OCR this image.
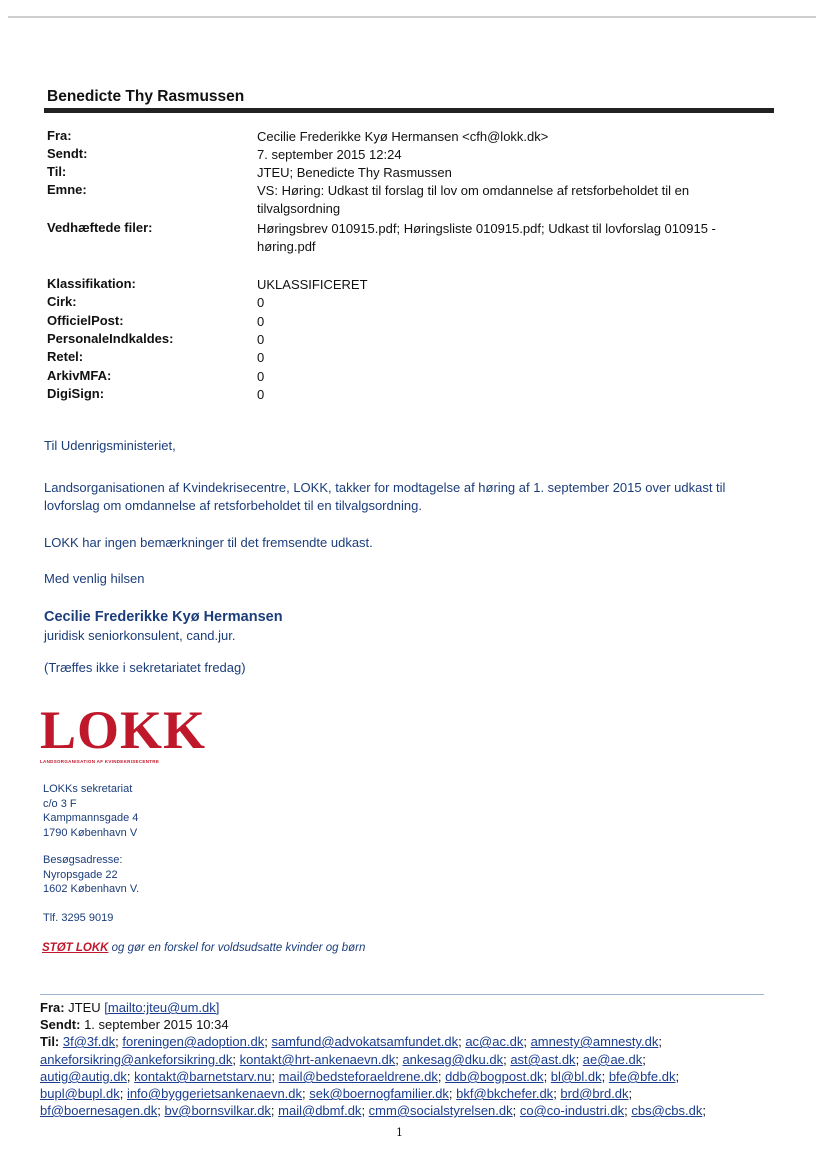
Benedicte Thy Rasmussen
Fra:	Cecilie Frederikke Kyø Hermansen <cfh@lokk.dk>
Sendt:	7. september 2015 12:24
Til:	JTEU; Benedicte Thy Rasmussen
Emne:	VS: Høring: Udkast til forslag til lov om omdannelse af retsforbeholdet til en tilvalgsordning
Vedhæftede filer:	Høringsbrev 010915.pdf; Høringsliste 010915.pdf; Udkast til lovforslag 010915 - høring.pdf
Klassifikation:	UKLASSIFICERET
Cirk:	0
OfficielPost:	0
PersonaleIndkaldes:	0
Retel:	0
ArkivMFA:	0
DigiSign:	0
Til Udenrigsministeriet,
Landsorganisationen af Kvindekrisecentre, LOKK, takker for modtagelse af høring af 1. september 2015 over udkast til lovforslag om omdannelse af retsforbeholdet til en tilvalgsordning.
LOKK har ingen bemærkninger til det fremsendte udkast.
Med venlig hilsen
Cecilie Frederikke Kyø Hermansen
juridisk seniorkonsulent, cand.jur.
(Træffes ikke i sekretariatet fredag)
LOKK
LANDSORGANISATION AF KVINDEKRISECENTRE
LOKKs sekretariat
c/o 3 F
Kampmannsgade 4
1790 København V
Besøgsadresse:
Nyropsgade 22
1602 København V.
Tlf. 3295 9019
STØT LOKK og gør en forskel for voldsudsatte kvinder og børn
Fra: JTEU [mailto:jteu@um.dk]
Sendt: 1. september 2015 10:34
Til: 3f@3f.dk; foreningen@adoption.dk; samfund@advokatsamfundet.dk; ac@ac.dk; amnesty@amnesty.dk;
ankeforsikring@ankeforsikring.dk; kontakt@hrt-ankenaevn.dk; ankesag@dku.dk; ast@ast.dk; ae@ae.dk;
autig@autig.dk; kontakt@barnetstarv.nu; mail@bedsteforaeldrene.dk; ddb@bogpost.dk; bl@bl.dk; bfe@bfe.dk;
bupl@bupl.dk; info@byggerietsankenaevn.dk; sek@boernogfamilier.dk; bkf@bkchefer.dk; brd@brd.dk;
bf@boernesagen.dk; bv@bornsvilkar.dk; mail@dbmf.dk; cmm@socialstyrelsen.dk; co@co-industri.dk; cbs@cbs.dk;
1
